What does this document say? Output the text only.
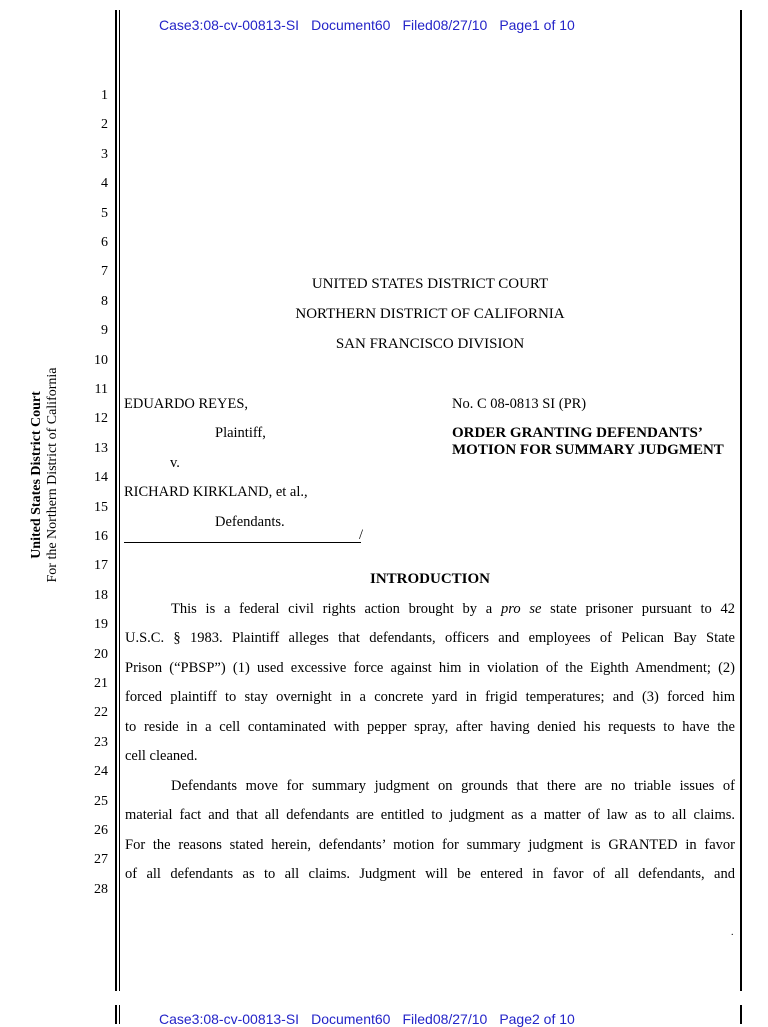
Case3:08-cv-00813-SI Document60 Filed08/27/10 Page1 of 10
United States District Court For the Northern District of California
1
2
3
4
5
6
7
8
9
10
11
12
13
14
15
16
17
18
19
20
21
22
23
24
25
26
27
28
UNITED STATES DISTRICT COURT
NORTHERN DISTRICT OF CALIFORNIA
SAN FRANCISCO DIVISION
EDUARDO REYES,
Plaintiff,
v.
RICHARD KIRKLAND, et al.,
Defendants.
/
No. C 08-0813 SI (PR)
ORDER GRANTING DEFENDANTS’ MOTION FOR SUMMARY JUDGMENT
INTRODUCTION
This is a federal civil rights action brought by a pro se state prisoner pursuant to 42
U.S.C. § 1983. Plaintiff alleges that defendants, officers and employees of Pelican Bay State
Prison (“PBSP”) (1) used excessive force against him in violation of the Eighth Amendment; (2)
forced plaintiff to stay overnight in a concrete yard in frigid temperatures; and (3) forced him
to reside in a cell contaminated with pepper spray, after having denied his requests to have the
cell cleaned.
Defendants move for summary judgment on grounds that there are no triable issues of
material fact and that all defendants are entitled to judgment as a matter of law as to all claims.
For the reasons stated herein, defendants’ motion for summary judgment is GRANTED in favor
of all defendants as to all claims. Judgment will be entered in favor of all defendants, and
.
Case3:08-cv-00813-SI Document60 Filed08/27/10 Page2 of 10
